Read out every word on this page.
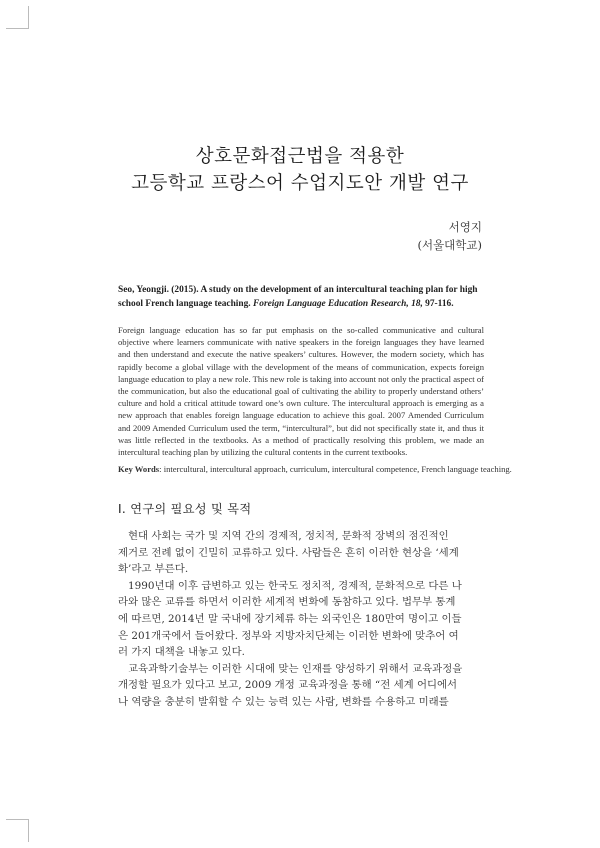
상호문화접근법을 적용한
고등학교 프랑스어 수업지도안 개발 연구
서영지
(서울대학교)
Seo, Yeongji. (2015). A study on the development of an intercultural teaching plan for high school French language teaching. Foreign Language Education Research, 18, 97-116.
Foreign language education has so far put emphasis on the so-called communicative and cultural objective where learners communicate with native speakers in the foreign languages they have learned and then understand and execute the native speakers’ cultures. However, the modern society, which has rapidly become a global village with the development of the means of communication, expects foreign language education to play a new role. This new role is taking into account not only the practical aspect of the communication, but also the educational goal of cultivating the ability to properly understand others’ culture and hold a critical attitude toward one’s own culture. The intercultural approach is emerging as a new approach that enables foreign language education to achieve this goal. 2007 Amended Curriculum and 2009 Amended Curriculum used the term, “intercultural”, but did not specifically state it, and thus it was little reflected in the textbooks. As a method of practically resolving this problem, we made an intercultural teaching plan by utilizing the cultural contents in the current textbooks.
Key Words: intercultural, intercultural approach, curriculum, intercultural competence, French language teaching.
Ⅰ. 연구의 필요성 및 목적
현대 사회는 국가 및 지역 간의 경제적, 정치적, 문화적 장벽의 점진적인
제거로 전례 없이 긴밀히 교류하고 있다. 사람들은 흔히 이러한 현상을 ‘세계
화’라고 부른다.
1990년대 이후 급변하고 있는 한국도 정치적, 경제적, 문화적으로 다른 나
라와 많은 교류를 하면서 이러한 세계적 변화에 동참하고 있다. 법무부 통계
에 따르면, 2014년 말 국내에 장기체류 하는 외국인은 180만여 명이고 이들
은 201개국에서 들어왔다. 정부와 지방자치단체는 이러한 변화에 맞추어 여
러 가지 대책을 내놓고 있다.
교육과학기술부는 이러한 시대에 맞는 인재를 양성하기 위해서 교육과정을
개정할 필요가 있다고 보고, 2009 개정 교육과정을 통해 “전 세계 어디에서
나 역량을 충분히 발휘할 수 있는 능력 있는 사람, 변화를 수용하고 미래를
